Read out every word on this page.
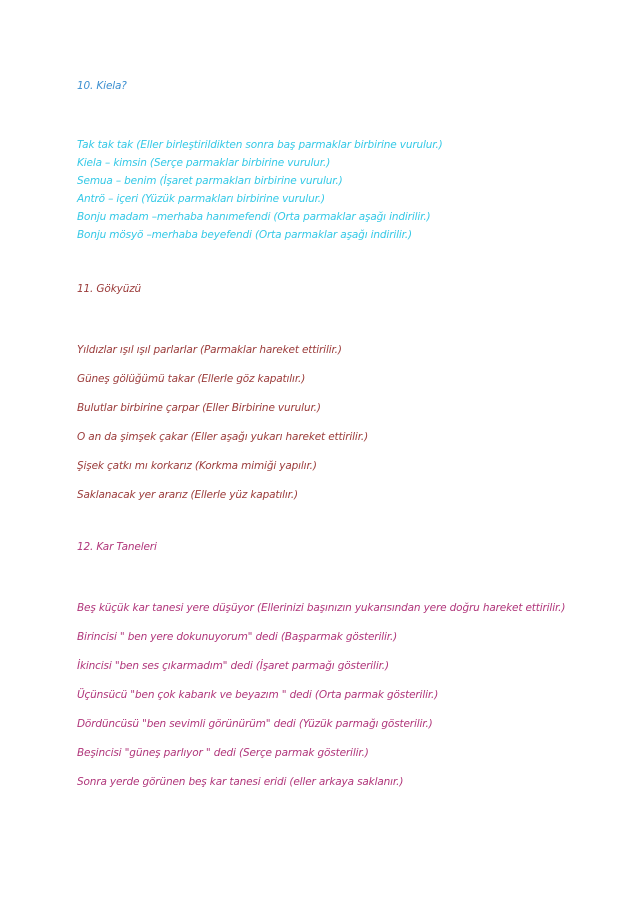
10. Kiela?
Tak tak tak (Eller birleştirildikten sonra baş parmaklar birbirine vurulur.)
Kiela – kimsin (Serçe parmaklar birbirine vurulur.)
Semua – benim (İşaret parmakları birbirine vurulur.)
Antrö – içeri (Yüzük parmakları birbirine vurulur.)
Bonju madam –merhaba hanımefendi (Orta parmaklar aşağı indirilir.)
Bonju mösyö –merhaba beyefendi (Orta parmaklar aşağı indirilir.)
11. Gökyüzü
Yıldızlar ışıl ışıl parlarlar (Parmaklar hareket ettirilir.)
Güneş gölüğümü takar (Ellerle göz kapatılır.)
Bulutlar birbirine çarpar (Eller Birbirine vurulur.)
O an da şimşek çakar (Eller aşağı yukarı hareket ettirilir.)
Şişek çatkı mı korkarız (Korkma mimiği yapılır.)
Saklanacak yer ararız (Ellerle yüz kapatılır.)
12. Kar Taneleri
Beş küçük kar tanesi yere düşüyor (Ellerinizi başınızın yukarısından yere doğru hareket ettirilir.)
Birincisi " ben yere dokunuyorum" dedi (Başparmak gösterilir.)
İkincisi "ben ses çıkarmadım" dedi (İşaret parmağı gösterilir.)
Üçünsücü "ben çok kabarık ve beyazım " dedi (Orta parmak gösterilir.)
Dördüncüsü "ben sevimli görünürüm" dedi (Yüzük parmağı gösterilir.)
Beşincisi "güneş parlıyor " dedi (Serçe parmak gösterilir.)
Sonra yerde görünen beş kar tanesi eridi (eller arkaya saklanır.)
